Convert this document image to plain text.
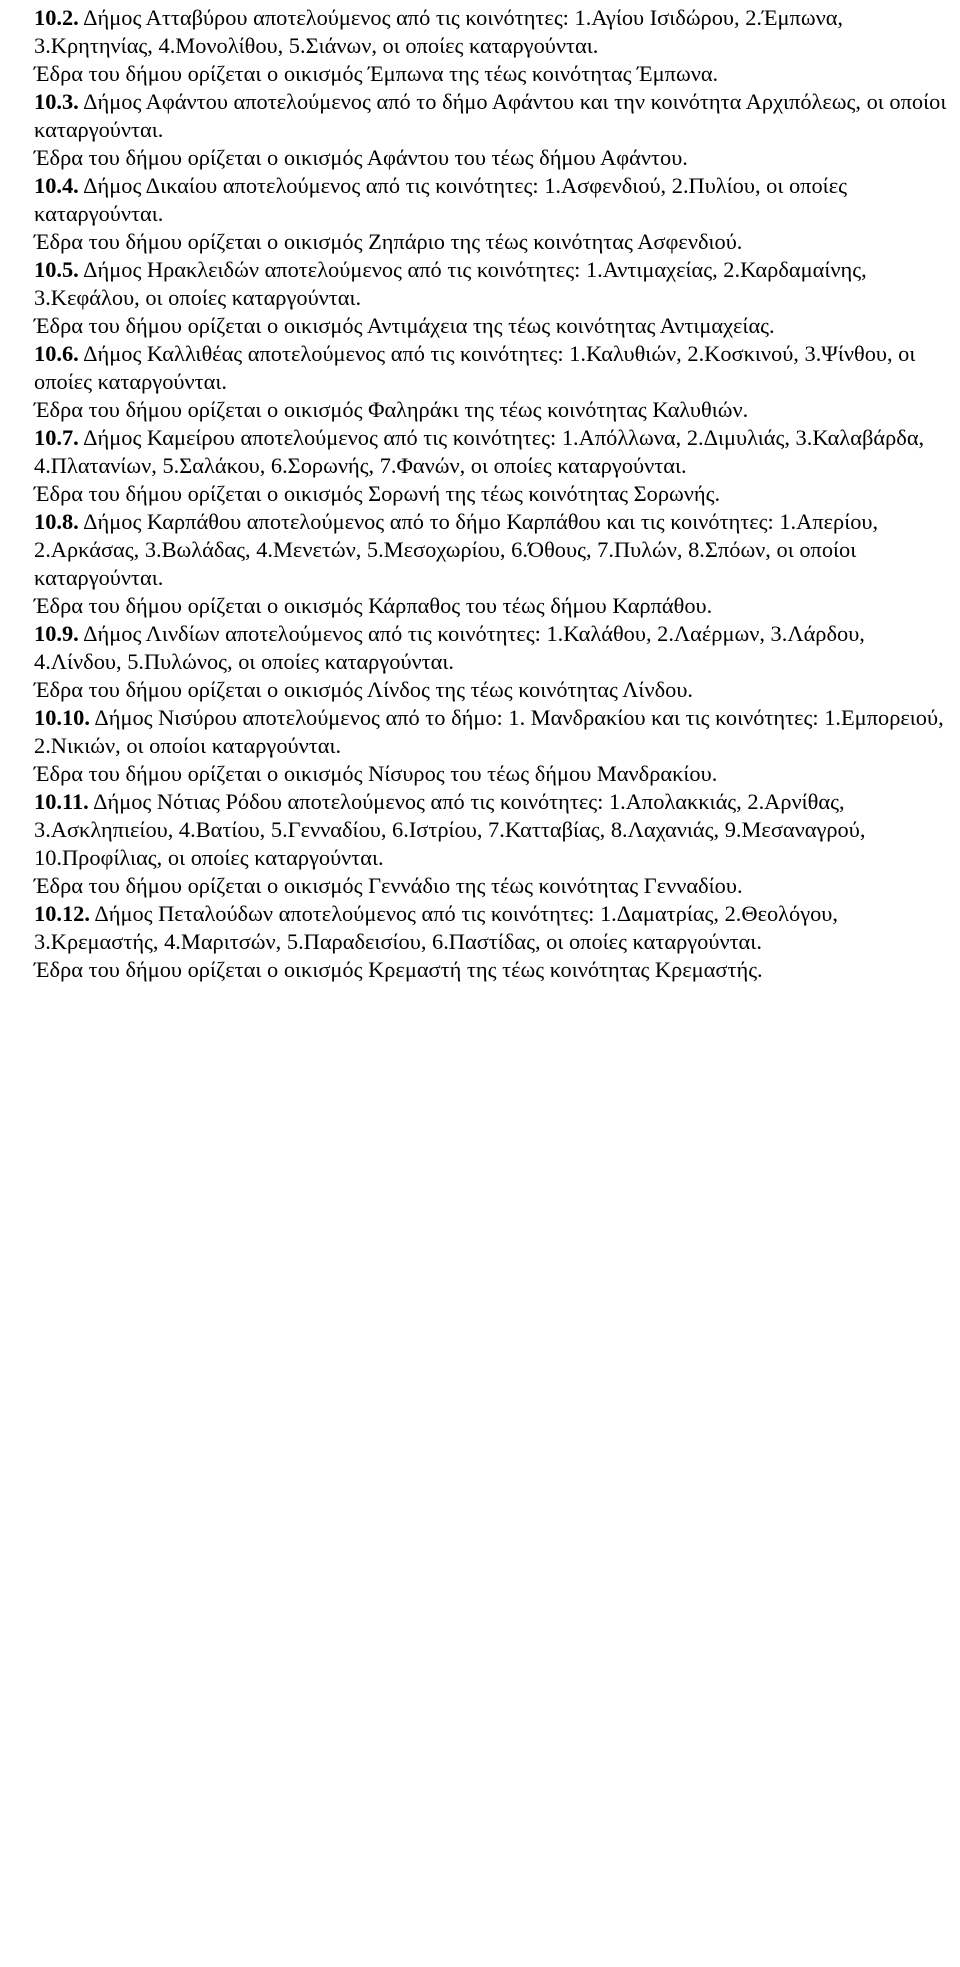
10.2. Δήμος Ατταβύρου αποτελούμενος από τις κοινότητες: 1.Αγίου Ισιδώρου, 2.Έμπωνα, 3.Κρητηνίας, 4.Μονολίθου, 5.Σιάνων, οι οποίες καταργούνται.

Έδρα του δήμου ορίζεται ο οικισμός Έμπωνα της τέως κοινότητας Έμπωνα.

10.3. Δήμος Αφάντου αποτελούμενος από το δήμο Αφάντου και την κοινότητα Αρχιπόλεως, οι οποίοι καταργούνται.

Έδρα του δήμου ορίζεται ο οικισμός Αφάντου του τέως δήμου Αφάντου.

10.4. Δήμος Δικαίου αποτελούμενος από τις κοινότητες: 1.Ασφενδιού, 2.Πυλίου, οι οποίες καταργούνται.

Έδρα του δήμου ορίζεται ο οικισμός Ζηπάριο της τέως κοινότητας Ασφενδιού.

10.5. Δήμος Ηρακλειδών αποτελούμενος από τις κοινότητες: 1.Αντιμαχείας, 2.Καρδαμαίνης, 3.Κεφάλου, οι οποίες καταργούνται.

Έδρα του δήμου ορίζεται ο οικισμός Αντιμάχεια της τέως κοινότητας Αντιμαχείας.

10.6. Δήμος Καλλιθέας αποτελούμενος από τις κοινότητες: 1.Καλυθιών, 2.Κοσκινού, 3.Ψίνθου, οι οποίες καταργούνται.

Έδρα του δήμου ορίζεται ο οικισμός Φαληράκι της τέως κοινότητας Καλυθιών.

10.7. Δήμος Καμείρου αποτελούμενος από τις κοινότητες: 1.Απόλλωνα, 2.Διμυλιάς, 3.Καλαβάρδα, 4.Πλατανίων, 5.Σαλάκου, 6.Σορωνής, 7.Φανών, οι οποίες καταργούνται.

Έδρα του δήμου ορίζεται ο οικισμός Σορωνή της τέως κοινότητας Σορωνής.

10.8. Δήμος Καρπάθου αποτελούμενος από το δήμο Καρπάθου και τις κοινότητες: 1.Απερίου, 2.Αρκάσας, 3.Βωλάδας, 4.Μενετών, 5.Μεσοχωρίου, 6.Όθους, 7.Πυλών, 8.Σπόων, οι οποίοι καταργούνται.

Έδρα του δήμου ορίζεται ο οικισμός Κάρπαθος του τέως δήμου Καρπάθου.

10.9. Δήμος Λινδίων αποτελούμενος από τις κοινότητες: 1.Καλάθου, 2.Λαέρμων, 3.Λάρδου, 4.Λίνδου, 5.Πυλώνος, οι οποίες καταργούνται.

Έδρα του δήμου ορίζεται ο οικισμός Λίνδος της τέως κοινότητας Λίνδου.

10.10. Δήμος Νισύρου αποτελούμενος από το δήμο: 1. Μανδρακίου και τις κοινότητες: 1.Εμπορειού, 2.Νικιών, οι οποίοι καταργούνται.

Έδρα του δήμου ορίζεται ο οικισμός Νίσυρος του τέως δήμου Μανδρακίου.

10.11. Δήμος Νότιας Ρόδου αποτελούμενος από τις κοινότητες: 1.Απολακκιάς, 2.Αρνίθας, 3.Ασκληπιείου, 4.Βατίου, 5.Γενναδίου, 6.Ιστρίου, 7.Κατταβίας, 8.Λαχανιάς, 9.Μεσαναγρού, 10.Προφίλιας, οι οποίες καταργούνται.

Έδρα του δήμου ορίζεται ο οικισμός Γεννάδιο της τέως κοινότητας Γενναδίου.

10.12. Δήμος Πεταλούδων αποτελούμενος από τις κοινότητες: 1.Δαματρίας, 2.Θεολόγου, 3.Κρεμαστής, 4.Μαριτσών, 5.Παραδεισίου, 6.Παστίδας, οι οποίες καταργούνται.

Έδρα του δήμου ορίζεται ο οικισμός Κρεμαστή της τέως κοινότητας Κρεμαστής.
